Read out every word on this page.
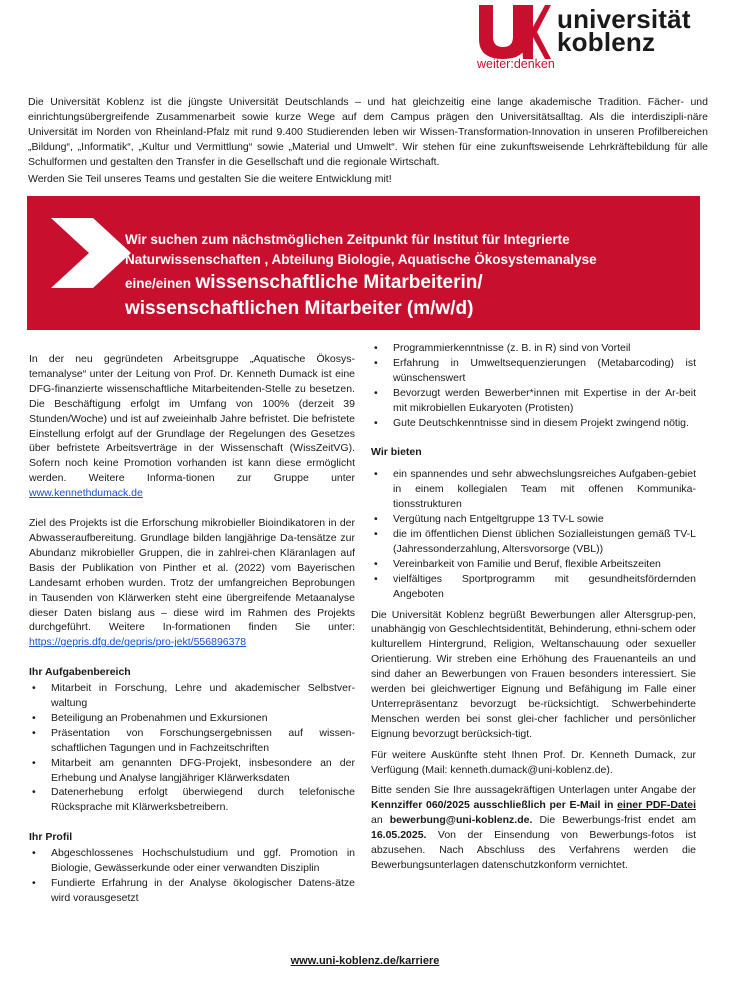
universität
koblenz
weiter:denken

Die Universität Koblenz ist die jüngste Universität Deutschlands – und hat gleichzeitig eine lange akademische Tradition. Fächer- und einrichtungsübergreifende Zusammenarbeit sowie kurze Wege auf dem Campus prägen den Universitätsalltag. Als die interdiszipli-näre Universität im Norden von Rheinland-Pfalz mit rund 9.400 Studierenden leben wir Wissen-Transformation-Innovation in unseren Profilbereichen „Bildung“, „Informatik“, „Kultur und Vermittlung“ sowie „Material und Umwelt“. Wir stehen für eine zukunftsweisende Lehrkräftebildung für alle Schulformen und gestalten den Transfer in die Gesellschaft und die regionale Wirtschaft.

Werden Sie Teil unseres Teams und gestalten Sie die weitere Entwicklung mit!

Wir suchen zum nächstmöglichen Zeitpunkt für Institut für Integrierte
Naturwissenschaften , Abteilung Biologie, Aquatische Ökosystemanalyse
eine/einen wissenschaftliche Mitarbeiterin/
wissenschaftlichen Mitarbeiter (m/w/d)

In der neu gegründeten Arbeitsgruppe „Aquatische Ökosys-temanalyse“ unter der Leitung von Prof. Dr. Kenneth Dumack ist eine DFG-finanzierte wissenschaftliche Mitarbeitenden-Stelle zu besetzen. Die Beschäftigung erfolgt im Umfang von 100% (derzeit 39 Stunden/Woche) und ist auf zweieinhalb Jahre befristet. Die befristete Einstellung erfolgt auf der Grundlage der Regelungen des Gesetzes über befristete Arbeitsverträge in der Wissenschaft (WissZeitVG). Sofern noch keine Promotion vorhanden ist kann diese ermöglicht werden. Weitere Informa-tionen zur Gruppe unter www.kennethdumack.de

Ziel des Projekts ist die Erforschung mikrobieller Bioindikatoren in der Abwasseraufbereitung. Grundlage bilden langjährige Da-tensätze zur Abundanz mikrobieller Gruppen, die in zahlrei-chen Kläranlagen auf Basis der Publikation von Pinther et al. (2022) vom Bayerischen Landesamt erhoben wurden. Trotz der umfangreichen Beprobungen in Tausenden von Klärwerken steht eine übergreifende Metaanalyse dieser Daten bislang aus – diese wird im Rahmen des Projekts durchgeführt. Weitere In-formationen finden Sie unter: https://gepris.dfg.de/gepris/pro-jekt/556896378

Ihr Aufgabenbereich
• Mitarbeit in Forschung, Lehre und akademischer Selbstver-waltung
• Beteiligung an Probenahmen und Exkursionen
• Präsentation von Forschungsergebnissen auf wissen-schaftlichen Tagungen und in Fachzeitschriften
• Mitarbeit am genannten DFG-Projekt, insbesondere an der Erhebung und Analyse langjähriger Klärwerksdaten
• Datenerhebung erfolgt überwiegend durch telefonische Rücksprache mit Klärwerksbetreibern.
Ihr Profil
• Abgeschlossenes Hochschulstudium und ggf. Promotion in Biologie, Gewässerkunde oder einer verwandten Disziplin
• Fundierte Erfahrung in der Analyse ökologischer Datens-ätze wird vorausgesetzt
• Programmierkenntnisse (z. B. in R) sind von Vorteil
• Erfahrung in Umweltsequenzierungen (Metabarcoding) ist wünschenswert
• Bevorzugt werden Bewerber*innen mit Expertise in der Ar-beit mit mikrobiellen Eukaryoten (Protisten)
• Gute Deutschkenntnisse sind in diesem Projekt zwingend nötig.
Wir bieten
• ein spannendes und sehr abwechslungsreiches Aufgaben-gebiet in einem kollegialen Team mit offenen Kommunika-tionsstrukturen
• Vergütung nach Entgeltgruppe 13 TV-L sowie
• die im öffentlichen Dienst üblichen Sozialleistungen gemäß TV-L (Jahressonderzahlung, Altersvorsorge (VBL))
• Vereinbarkeit von Familie und Beruf, flexible Arbeitszeiten
• vielfältiges Sportprogramm mit gesundheitsfördernden Angeboten

Die Universität Koblenz begrüßt Bewerbungen aller Altersgrup-pen, unabhängig von Geschlechtsidentität, Behinderung, ethni-schem oder kulturellem Hintergrund, Religion, Weltanschauung oder sexueller Orientierung. Wir streben eine Erhöhung des Frauenanteils an und sind daher an Bewerbungen von Frauen besonders interessiert. Sie werden bei gleichwertiger Eignung und Befähigung im Falle einer Unterrepräsentanz bevorzugt be-rücksichtigt. Schwerbehinderte Menschen werden bei sonst glei-cher fachlicher und persönlicher Eignung bevorzugt berücksich-tigt.

Für weitere Auskünfte steht Ihnen Prof. Dr. Kenneth Dumack, zur Verfügung (Mail: kenneth.dumack@uni-koblenz.de).

Bitte senden Sie Ihre aussagekräftigen Unterlagen unter Angabe der Kennziffer 060/2025 ausschließlich per E-Mail in einer PDF-Datei an bewerbung@uni-koblenz.de. Die Bewerbungs-frist endet am 16.05.2025. Von der Einsendung von Bewerbungs-fotos ist abzusehen. Nach Abschluss des Verfahrens werden die Bewerbungsunterlagen datenschutzkonform vernichtet.

www.uni-koblenz.de/karriere
